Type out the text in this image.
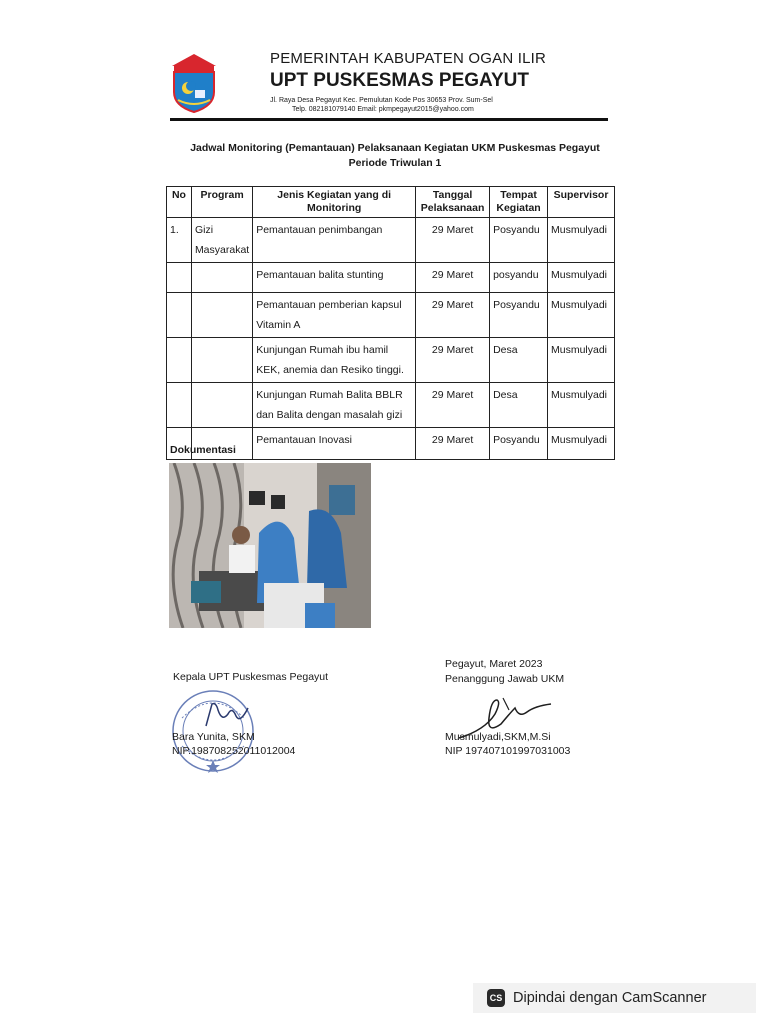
PEMERINTAH KABUPATEN OGAN ILIR
UPT PUSKESMAS PEGAYUT
Jl. Raya Desa Pegayut Kec. Pemulutan Kode Pos 30653 Prov. Sum-Sel
Telp. 082181079140 Email: pkmpegayut2015@yahoo.com
Jadwal Monitoring (Pemantauan) Pelaksanaan Kegiatan UKM Puskesmas Pegayut
Periode Triwulan 1
No	Program	Jenis Kegiatan yang di Monitoring	Tanggal Pelaksanaan	Tempat Kegiatan	Supervisor
1.	Gizi Masyarakat	Pemantauan penimbangan	29 Maret	Posyandu	Musmulyadi
		Pemantauan balita stunting	29 Maret	posyandu	Musmulyadi
		Pemantauan pemberian kapsul Vitamin A	29 Maret	Posyandu	Musmulyadi
		Kunjungan Rumah ibu hamil KEK, anemia dan Resiko tinggi.	29 Maret	Desa	Musmulyadi
		Kunjungan Rumah Balita BBLR dan Balita dengan masalah gizi	29 Maret	Desa	Musmulyadi
		Pemantauan Inovasi	29 Maret	Posyandu	Musmulyadi
Dokumentasi
Kepala UPT Puskesmas Pegayut
Pegayut, Maret 2023
Penanggung Jawab UKM
Bara Yunita, SKM
NIP.198708252011012004
Musmulyadi,SKM,M.Si
NIP 197407101997031003
CS Dipindai dengan CamScanner
